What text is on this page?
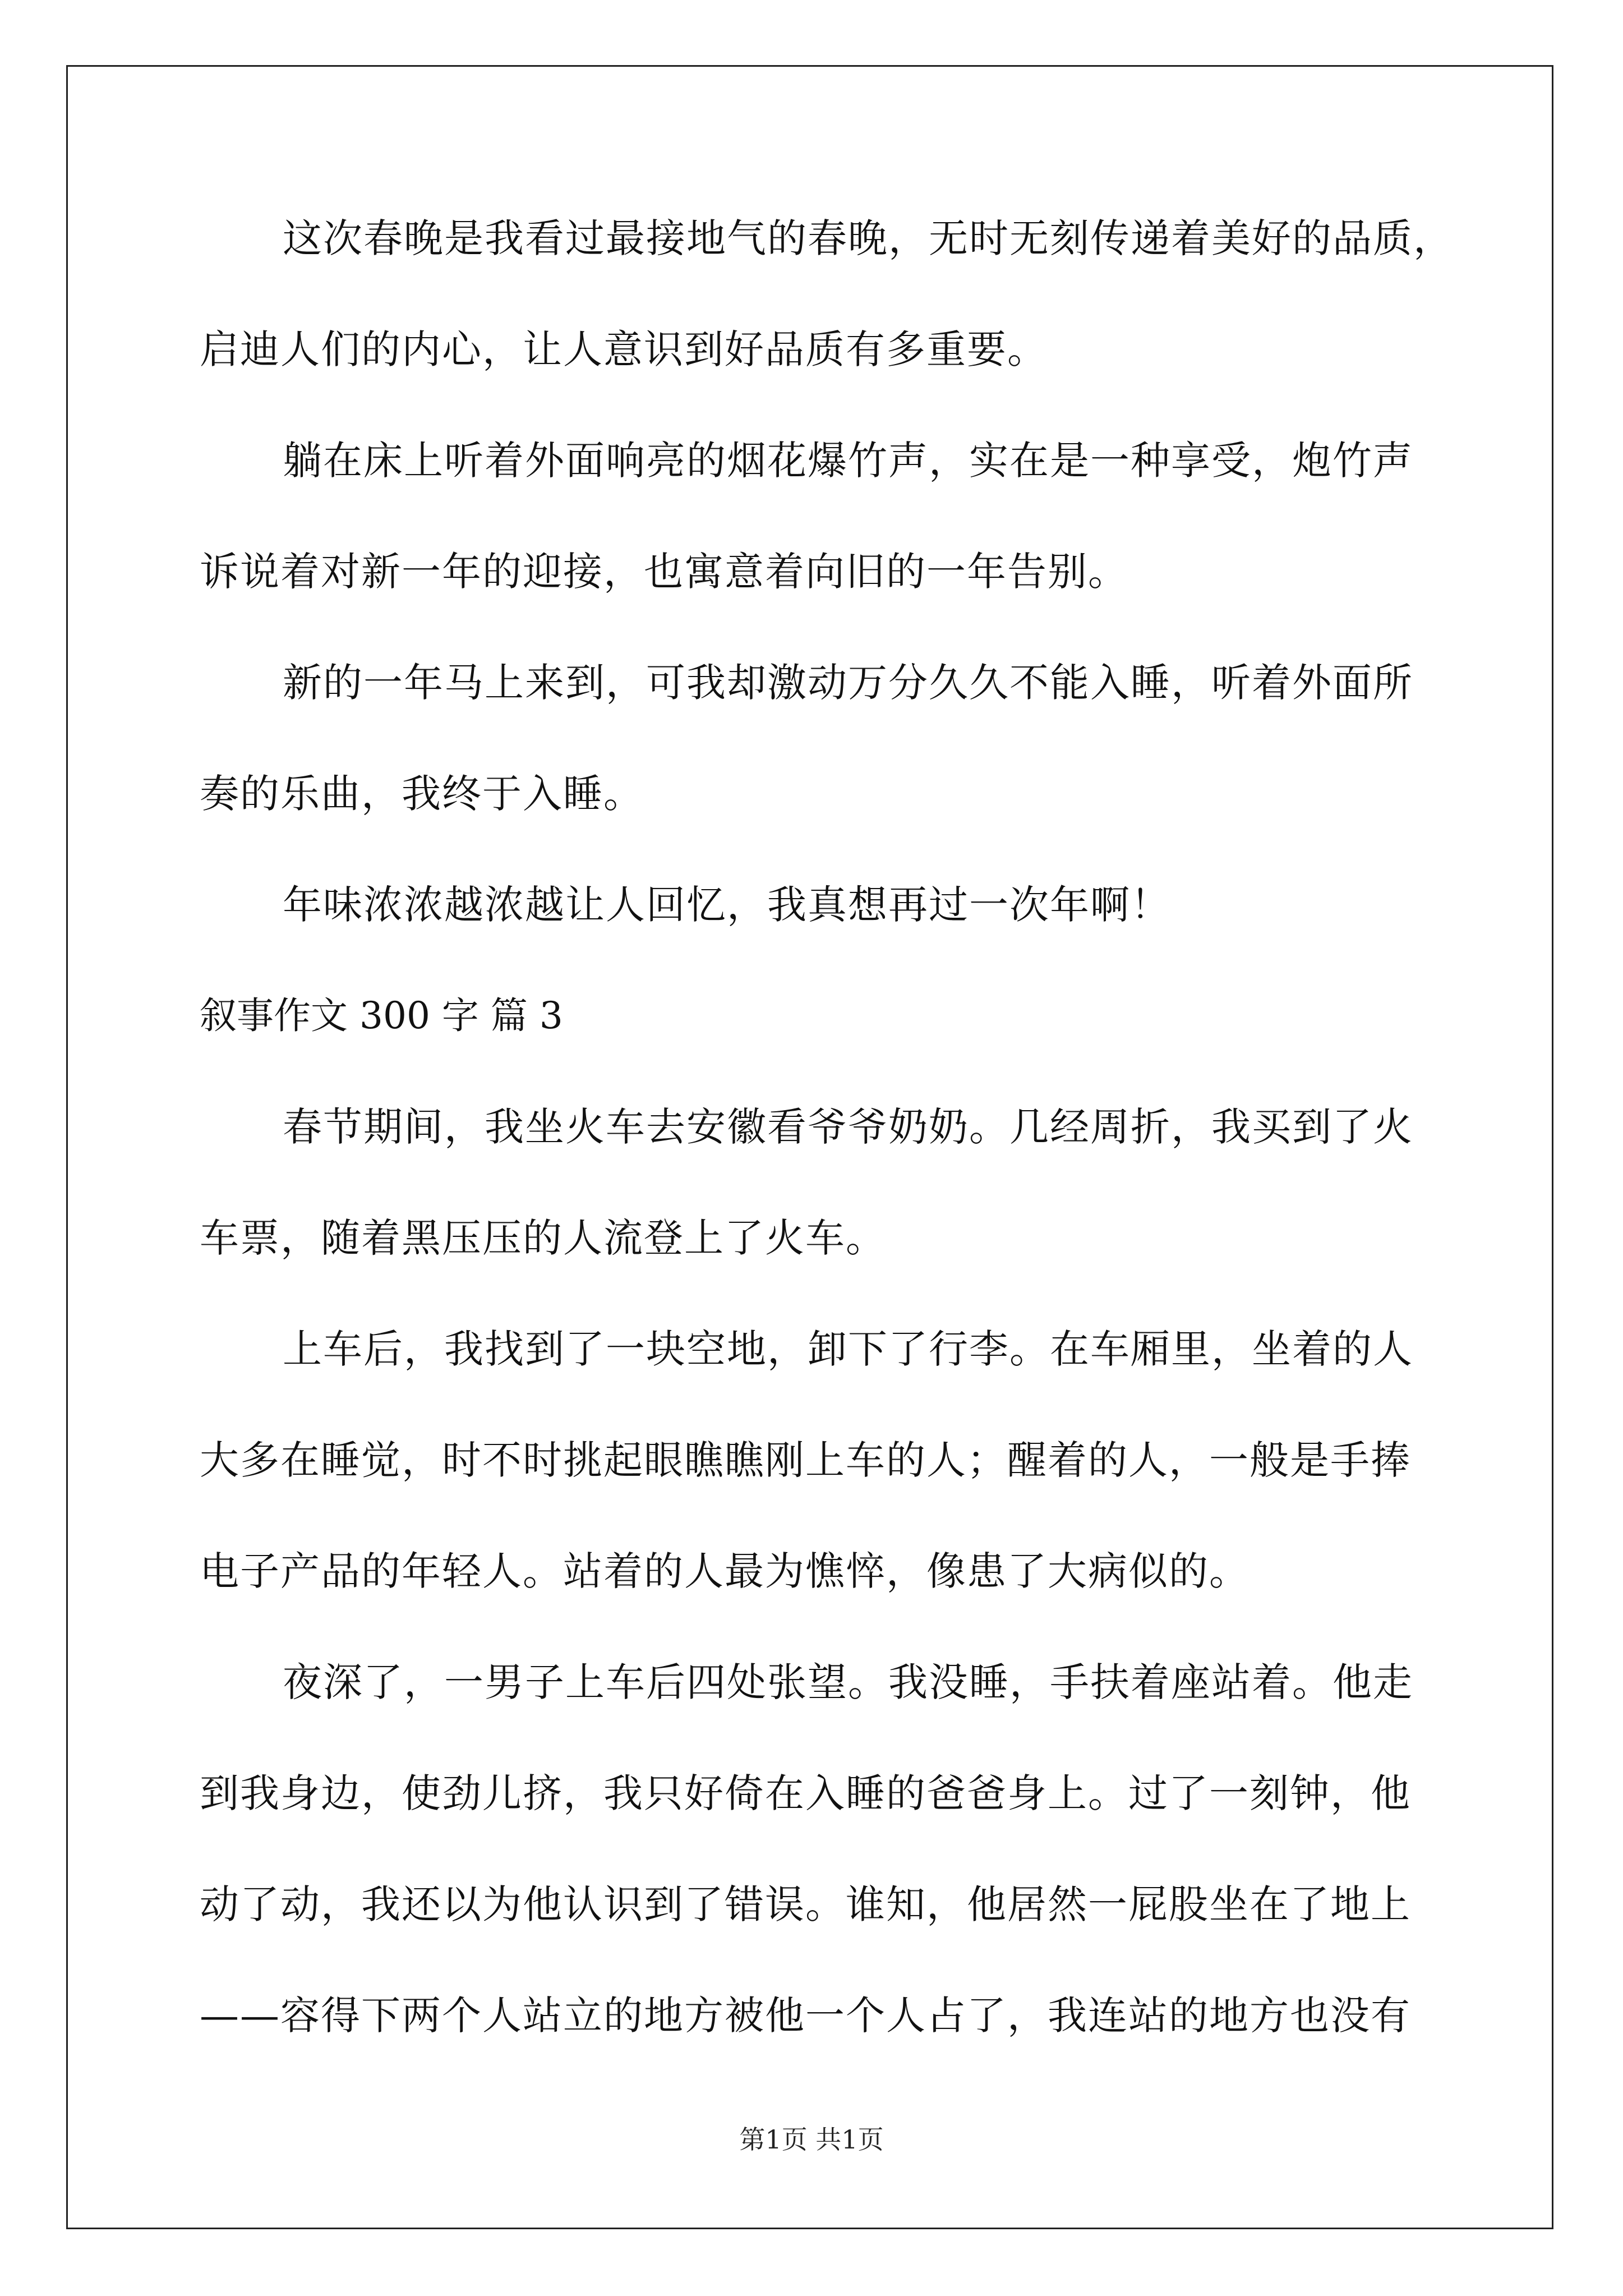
这次春晚是我看过最接地气的春晚，无时无刻传递着美好的品质，
启迪人们的内心，让人意识到好品质有多重要。
躺在床上听着外面响亮的烟花爆竹声，实在是一种享受，炮竹声
诉说着对新一年的迎接，也寓意着向旧的一年告别。
新的一年马上来到，可我却激动万分久久不能入睡，听着外面所
奏的乐曲，我终于入睡。
年味浓浓越浓越让人回忆，我真想再过一次年啊！
叙事作文 300 字 篇 3
春节期间，我坐火车去安徽看爷爷奶奶。几经周折，我买到了火
车票，随着黑压压的人流登上了火车。
上车后，我找到了一块空地，卸下了行李。在车厢里，坐着的人
大多在睡觉，时不时挑起眼瞧瞧刚上车的人；醒着的人，一般是手捧
电子产品的年轻人。站着的人最为憔悴，像患了大病似的。
夜深了，一男子上车后四处张望。我没睡，手扶着座站着。他走
到我身边，使劲儿挤，我只好倚在入睡的爸爸身上。过了一刻钟，他
动了动，我还以为他认识到了错误。谁知，他居然一屁股坐在了地上
——容得下两个人站立的地方被他一个人占了，我连站的地方也没有
第1页 共1页
